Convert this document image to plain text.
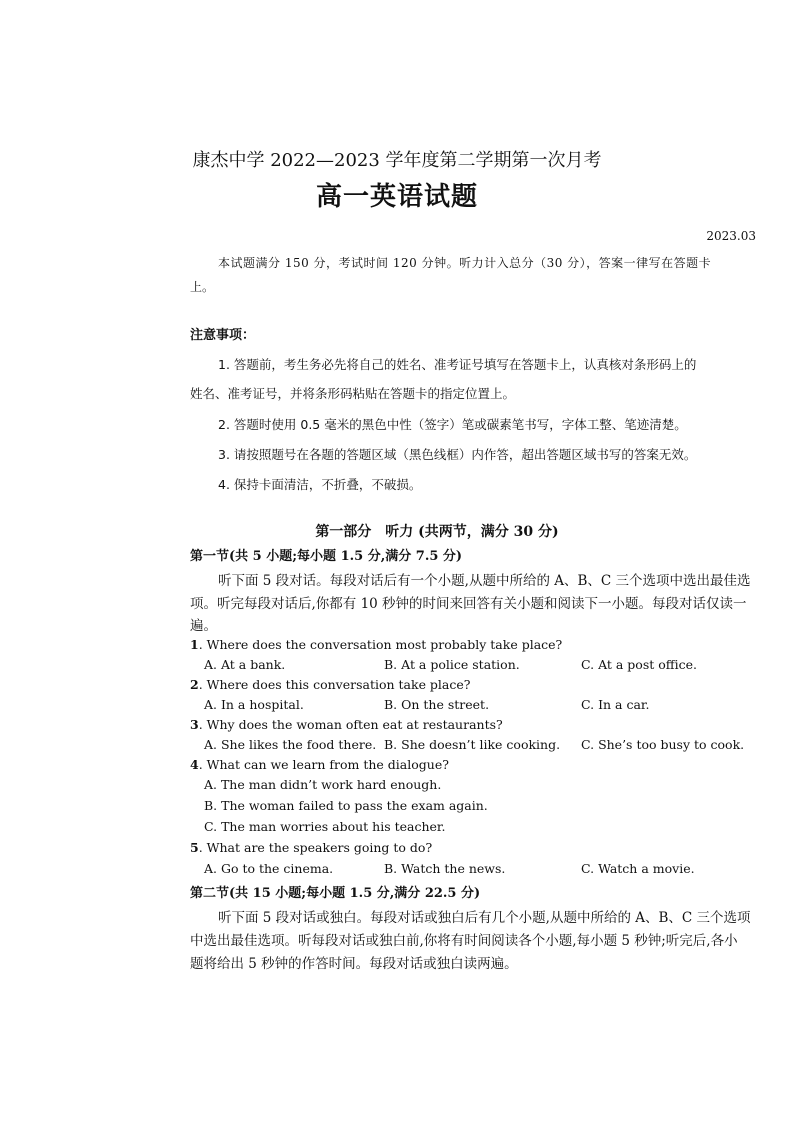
康杰中学 2022—2023 学年度第二学期第一次月考
高一英语试题
2023.03
本试题满分 150 分，考试时间 120 分钟。听力计入总分（30 分），答案一律写在答题卡
上。
注意事项：
1. 答题前，考生务必先将自己的姓名、准考证号填写在答题卡上，认真核对条形码上的
姓名、准考证号，并将条形码粘贴在答题卡的指定位置上。
2. 答题时使用 0.5 毫米的黑色中性（签字）笔或碳素笔书写，字体工整、笔迹清楚。
3. 请按照题号在各题的答题区域（黑色线框）内作答，超出答题区域书写的答案无效。
4. 保持卡面清洁，不折叠，不破损。
第一部分　听力 (共两节，满分 30 分)
第一节(共 5 小题;每小题 1.5 分,满分 7.5 分)
听下面 5 段对话。每段对话后有一个小题,从题中所给的 A、B、C 三个选项中选出最佳选
项。听完每段对话后,你都有 10 秒钟的时间来回答有关小题和阅读下一小题。每段对话仅读一
遍。
1. Where does the conversation most probably take place?
A. At a bank.	B. At a police station.	C. At a post office.
2. Where does this conversation take place?
A. In a hospital.	B. On the street.	C. In a car.
3. Why does the woman often eat at restaurants?
A. She likes the food there. B. She doesn’t like cooking. C. She’s too busy to cook.
4. What can we learn from the dialogue?
A. The man didn’t work hard enough.
B. The woman failed to pass the exam again.
C. The man worries about his teacher.
5. What are the speakers going to do?
A. Go to the cinema.	B. Watch the news.	C. Watch a movie.
第二节(共 15 小题;每小题 1.5 分,满分 22.5 分)
听下面 5 段对话或独白。每段对话或独白后有几个小题,从题中所给的 A、B、C 三个选项
中选出最佳选项。听每段对话或独白前,你将有时间阅读各个小题,每小题 5 秒钟;听完后,各小
题将给出 5 秒钟的作答时间。每段对话或独白读两遍。
